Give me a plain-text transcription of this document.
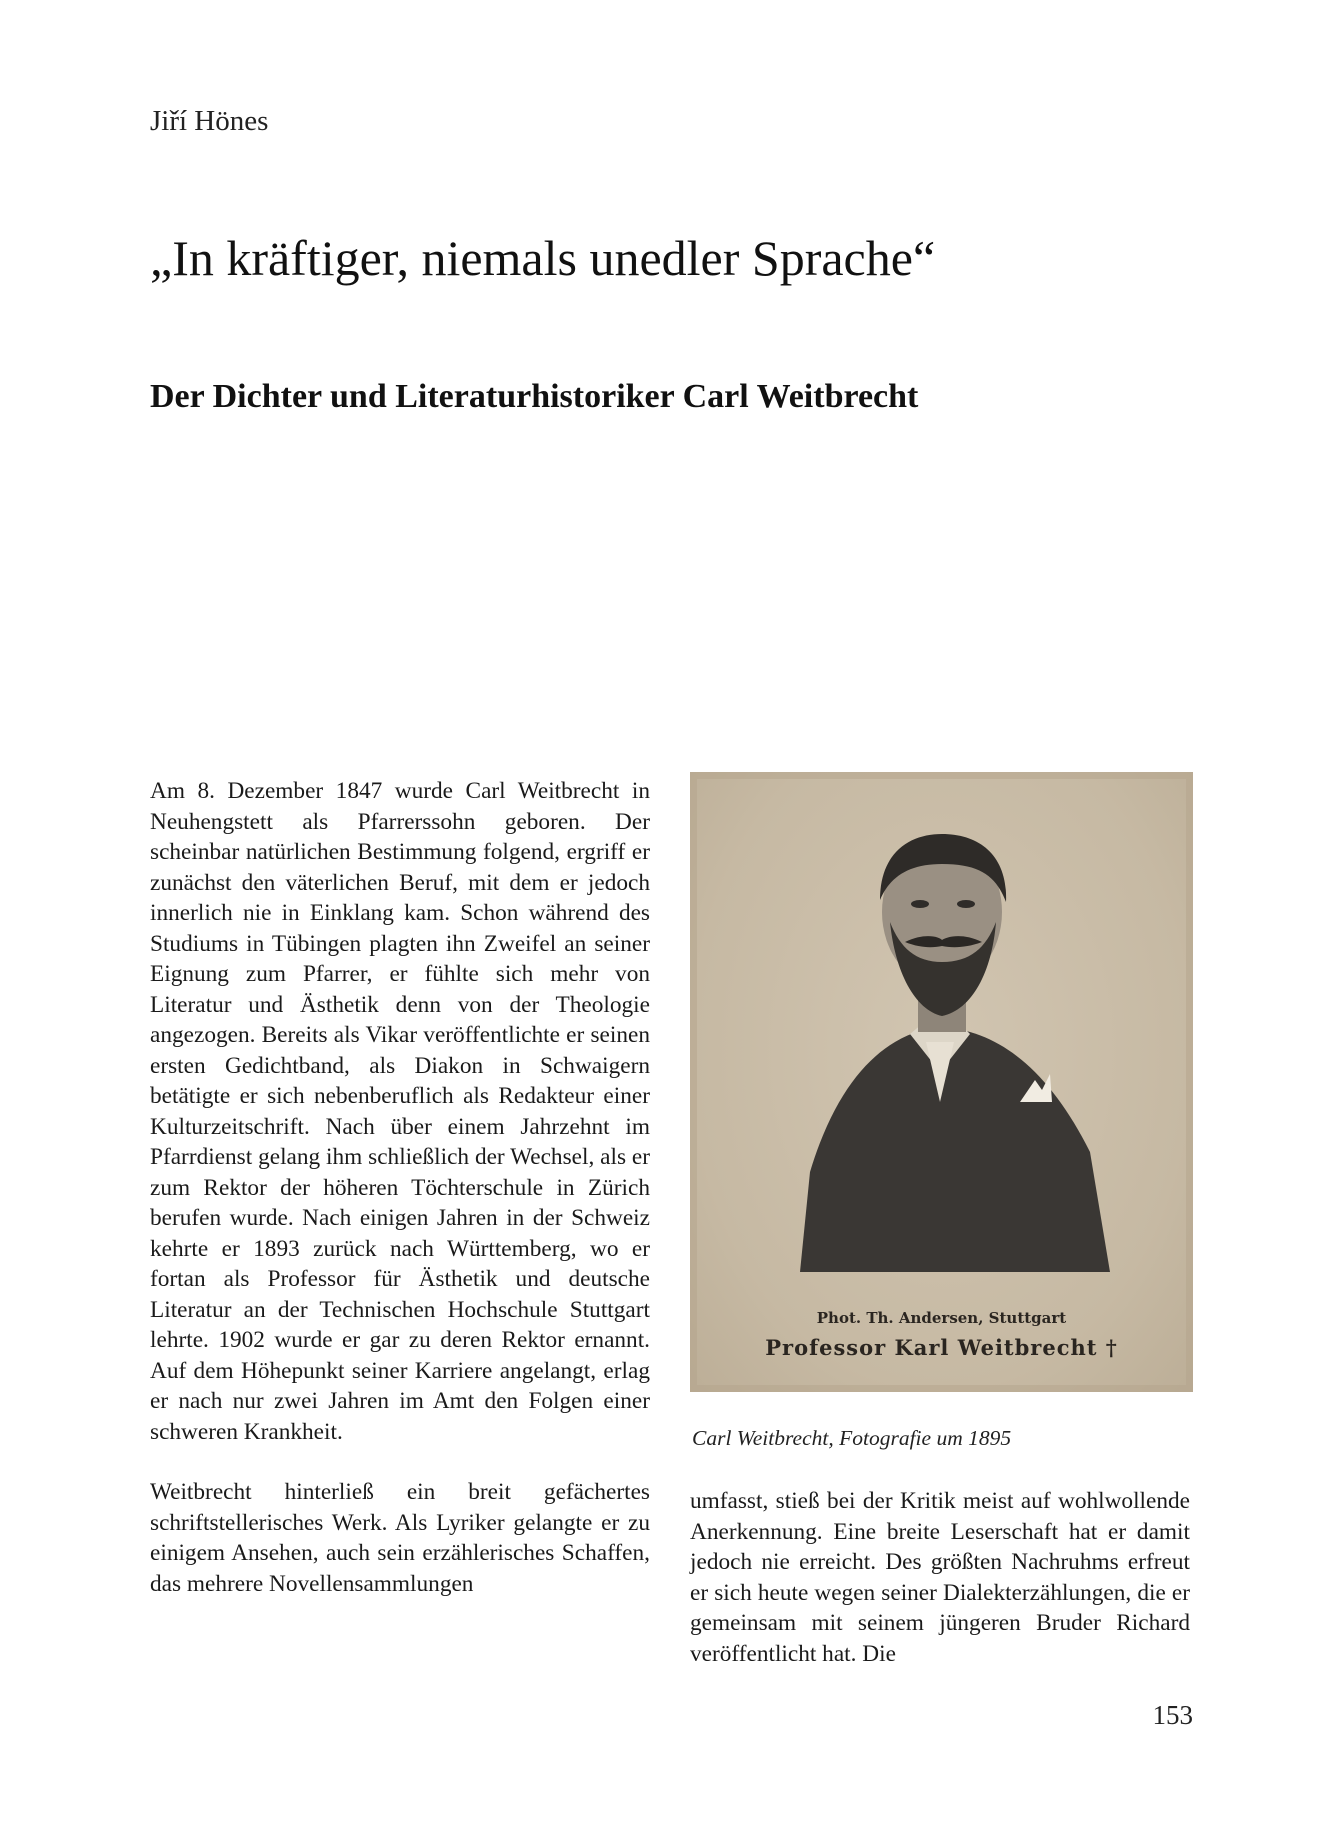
Jiří Hönes
„In kräftiger, niemals unedler Sprache“
Der Dichter und Literaturhistoriker Carl Weitbrecht

Am 8. Dezember 1847 wurde Carl Weitbrecht in Neuhengstett als Pfarrerssohn geboren. Der scheinbar natürlichen Bestimmung folgend, ergriff er zunächst den väterlichen Beruf, mit dem er jedoch innerlich nie in Einklang kam. Schon während des Studiums in Tübingen plagten ihn Zweifel an seiner Eignung zum Pfarrer, er fühlte sich mehr von Literatur und Ästhetik denn von der Theologie angezogen. Bereits als Vikar veröffentlichte er seinen ersten Gedichtband, als Diakon in Schwaigern betätigte er sich nebenberuflich als Redakteur einer Kulturzeitschrift. Nach über einem Jahrzehnt im Pfarrdienst gelang ihm schließlich der Wechsel, als er zum Rektor der höheren Töchterschule in Zürich berufen wurde. Nach einigen Jahren in der Schweiz kehrte er 1893 zurück nach Württemberg, wo er fortan als Professor für Ästhetik und deutsche Literatur an der Technischen Hochschule Stuttgart lehrte. 1902 wurde er gar zu deren Rektor ernannt. Auf dem Höhepunkt seiner Karriere angelangt, erlag er nach nur zwei Jahren im Amt den Folgen einer schweren Krankheit.

Weitbrecht hinterließ ein breit gefächertes schriftstellerisches Werk. Als Lyriker gelangte er zu einigem Ansehen, auch sein erzählerisches Schaffen, das mehrere Novellensammlungen

Phot. Th. Andersen, Stuttgart
Professor Karl Weitbrecht †
Carl Weitbrecht, Fotografie um 1895

umfasst, stieß bei der Kritik meist auf wohlwollende Anerkennung. Eine breite Leserschaft hat er damit jedoch nie erreicht. Des größten Nachruhms erfreut er sich heute wegen seiner Dialekterzählungen, die er gemeinsam mit seinem jüngeren Bruder Richard veröffentlicht hat. Die

153
